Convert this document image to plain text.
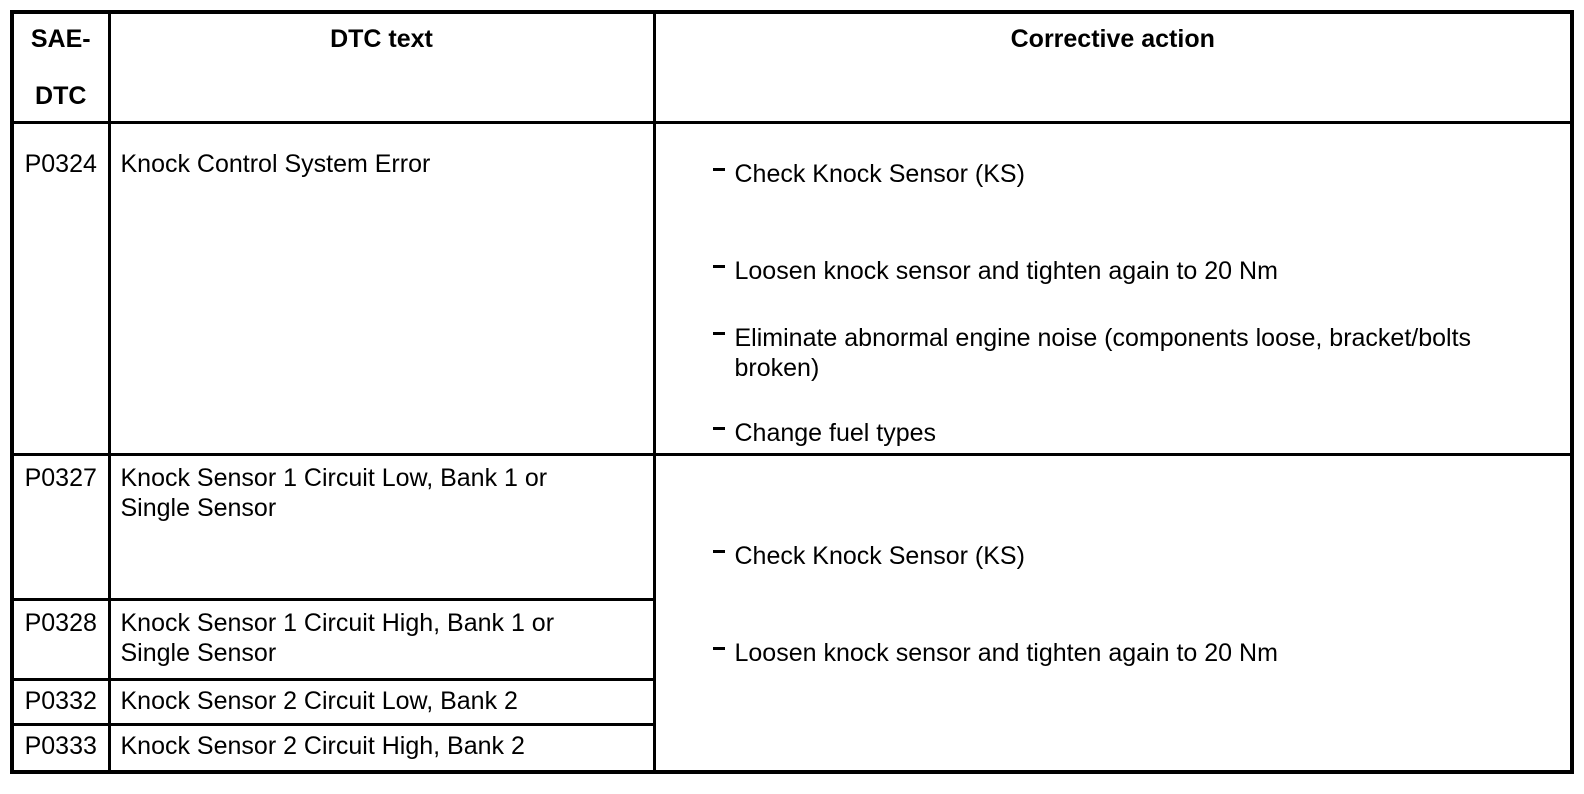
SAE-
DTC	DTC text	Corrective action
P0324	Knock Control System Error	Check Knock Sensor (KS)
Loosen knock sensor and tighten again to 20 Nm
Eliminate abnormal engine noise (components loose, bracket/bolts broken)
Change fuel types

P0327	Knock Sensor 1 Circuit Low, Bank 1 or Single Sensor	Check Knock Sensor (KS)
Loosen knock sensor and tighten again to 20 Nm

P0328	Knock Sensor 1 Circuit High, Bank 1 or Single Sensor	

P0332	Knock Sensor 2 Circuit Low, Bank 2	

P0333	Knock Sensor 2 Circuit High, Bank 2	
